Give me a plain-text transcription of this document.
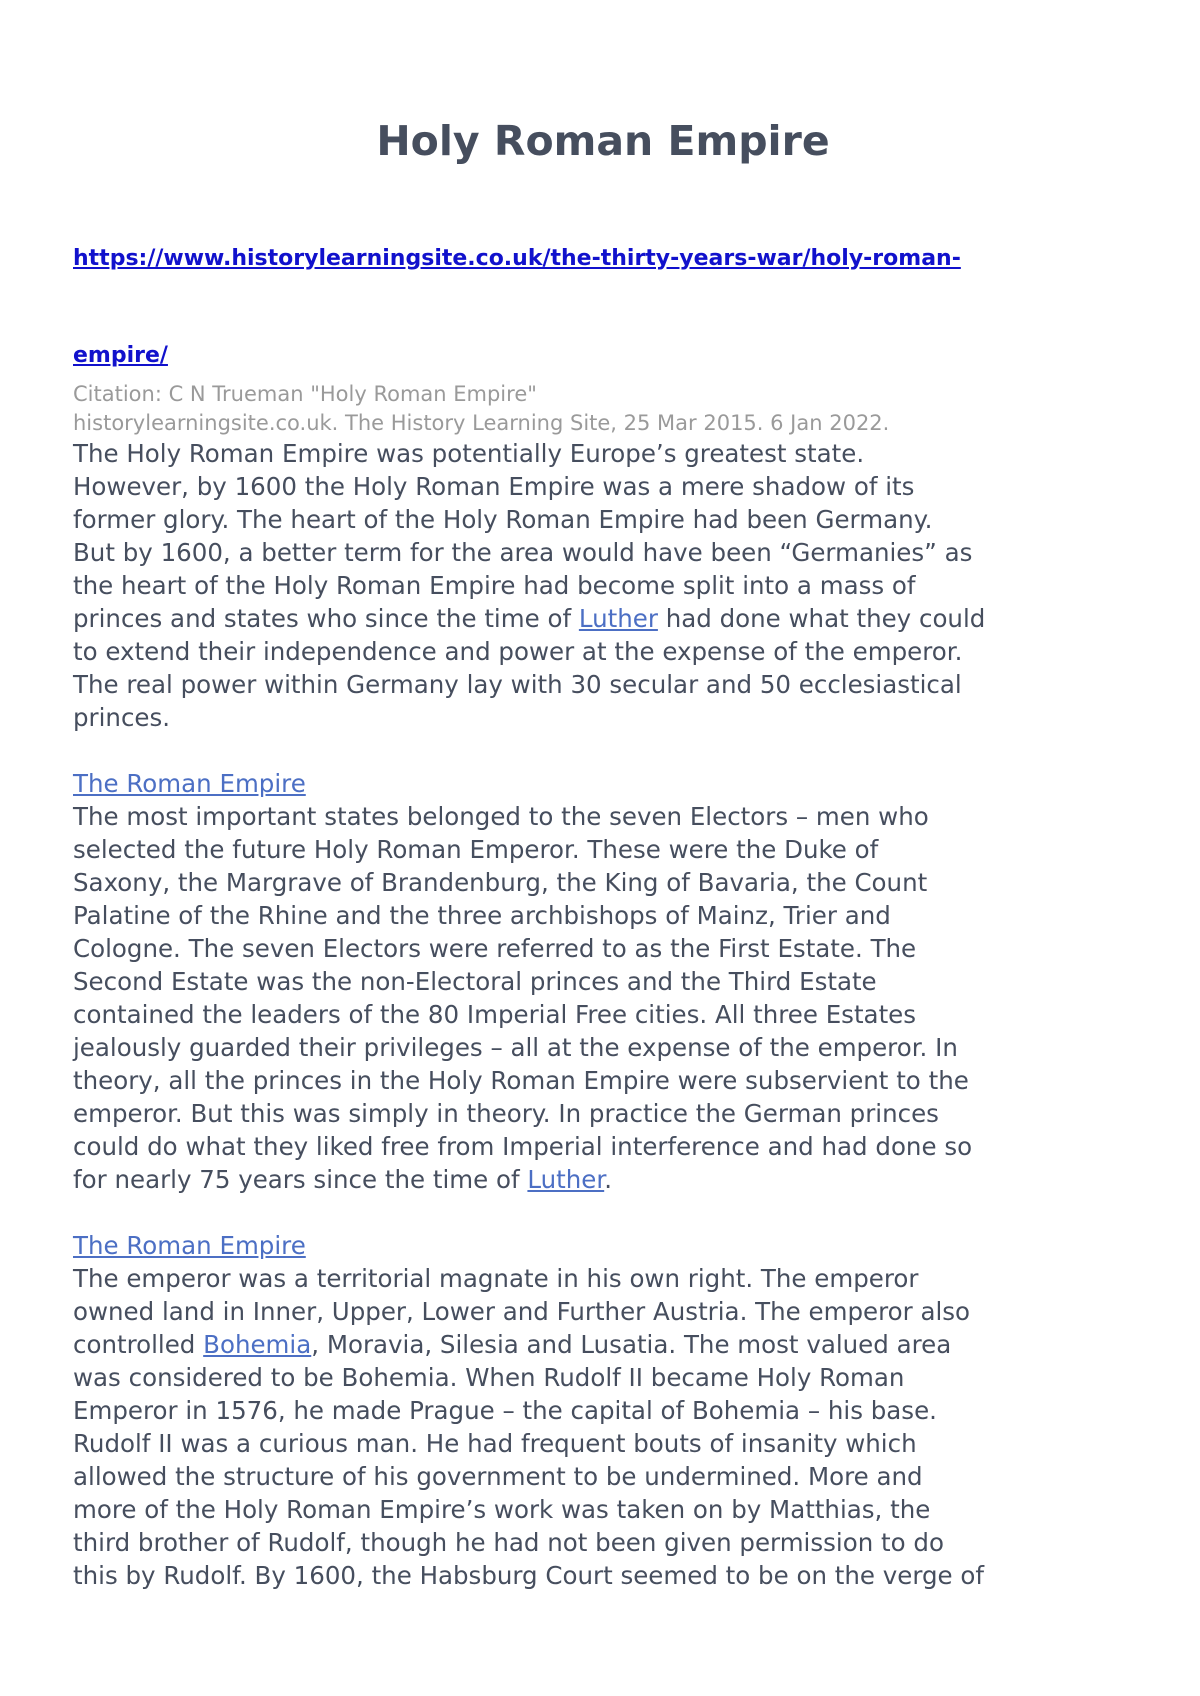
Holy Roman Empire
https://www.historylearningsite.co.uk/the-thirty-years-war/holy-roman-
empire/
Citation: C N Trueman "Holy Roman Empire"
historylearningsite.co.uk. The History Learning Site, 25 Mar 2015. 6 Jan 2022.
The Holy Roman Empire was potentially Europe’s greatest state.
However, by 1600 the Holy Roman Empire was a mere shadow of its
former glory. The heart of the Holy Roman Empire had been Germany.
But by 1600, a better term for the area would have been “Germanies” as
the heart of the Holy Roman Empire had become split into a mass of
princes and states who since the time of Luther had done what they could
to extend their independence and power at the expense of the emperor.
The real power within Germany lay with 30 secular and 50 ecclesiastical
princes.
The Roman Empire
The most important states belonged to the seven Electors – men who
selected the future Holy Roman Emperor. These were the Duke of
Saxony, the Margrave of Brandenburg, the King of Bavaria, the Count
Palatine of the Rhine and the three archbishops of Mainz, Trier and
Cologne. The seven Electors were referred to as the First Estate. The
Second Estate was the non-Electoral princes and the Third Estate
contained the leaders of the 80 Imperial Free cities. All three Estates
jealously guarded their privileges – all at the expense of the emperor. In
theory, all the princes in the Holy Roman Empire were subservient to the
emperor. But this was simply in theory. In practice the German princes
could do what they liked free from Imperial interference and had done so
for nearly 75 years since the time of Luther.
The Roman Empire
The emperor was a territorial magnate in his own right. The emperor
owned land in Inner, Upper, Lower and Further Austria. The emperor also
controlled Bohemia, Moravia, Silesia and Lusatia. The most valued area
was considered to be Bohemia. When Rudolf II became Holy Roman
Emperor in 1576, he made Prague – the capital of Bohemia – his base.
Rudolf II was a curious man. He had frequent bouts of insanity which
allowed the structure of his government to be undermined. More and
more of the Holy Roman Empire’s work was taken on by Matthias, the
third brother of Rudolf, though he had not been given permission to do
this by Rudolf. By 1600, the Habsburg Court seemed to be on the verge of
